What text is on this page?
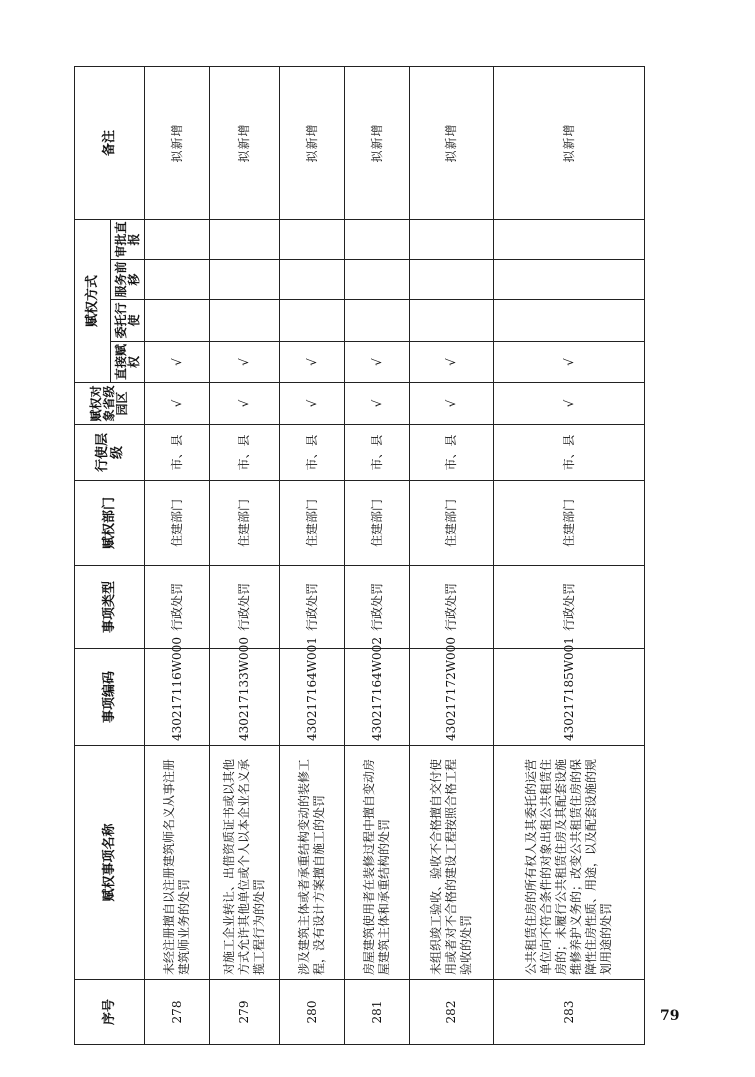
序号	赋权事项名称	事项编码	事项类型	赋权部门	行使层级	赋权对象省级园区	赋权方式				备注
							直接赋权	委托行使	服务前移	审批直报	
278	未经注册擅自以注册建筑师名义从事注册建筑师业务的处罚	430217116W000	行政处罚	住建部门	市、县	√	√				拟新增
279	对施工企业转让、出借资质证书或以其他方式允许其他单位或个人以本企业名义承揽工程行为的处罚	430217133W000	行政处罚	住建部门	市、县	√	√				拟新增
280	涉及建筑主体或者承重结构变动的装修工程，没有设计方案擅自施工的处罚	430217164W001	行政处罚	住建部门	市、县	√	√				拟新增
281	房屋建筑使用者在装修过程中擅自变动房屋建筑主体和承重结构的处罚	430217164W002	行政处罚	住建部门	市、县	√	√				拟新增
282	未组织竣工验收、验收不合格擅自交付使用或者对不合格的建设工程按照合格工程验收的处罚	430217172W000	行政处罚	住建部门	市、县	√	√				拟新增
283	公共租赁住房的所有权人及其委托的运营单位向不符合条件的对象出租公共租赁住房的；未履行公共租赁住房及其配套设施维修养护义务的；改变公共租赁住房的保障性住房性质、用途，以及配套设施的规划用途的处罚	430217185W001	行政处罚	住建部门	市、县	√	√				拟新增
79
